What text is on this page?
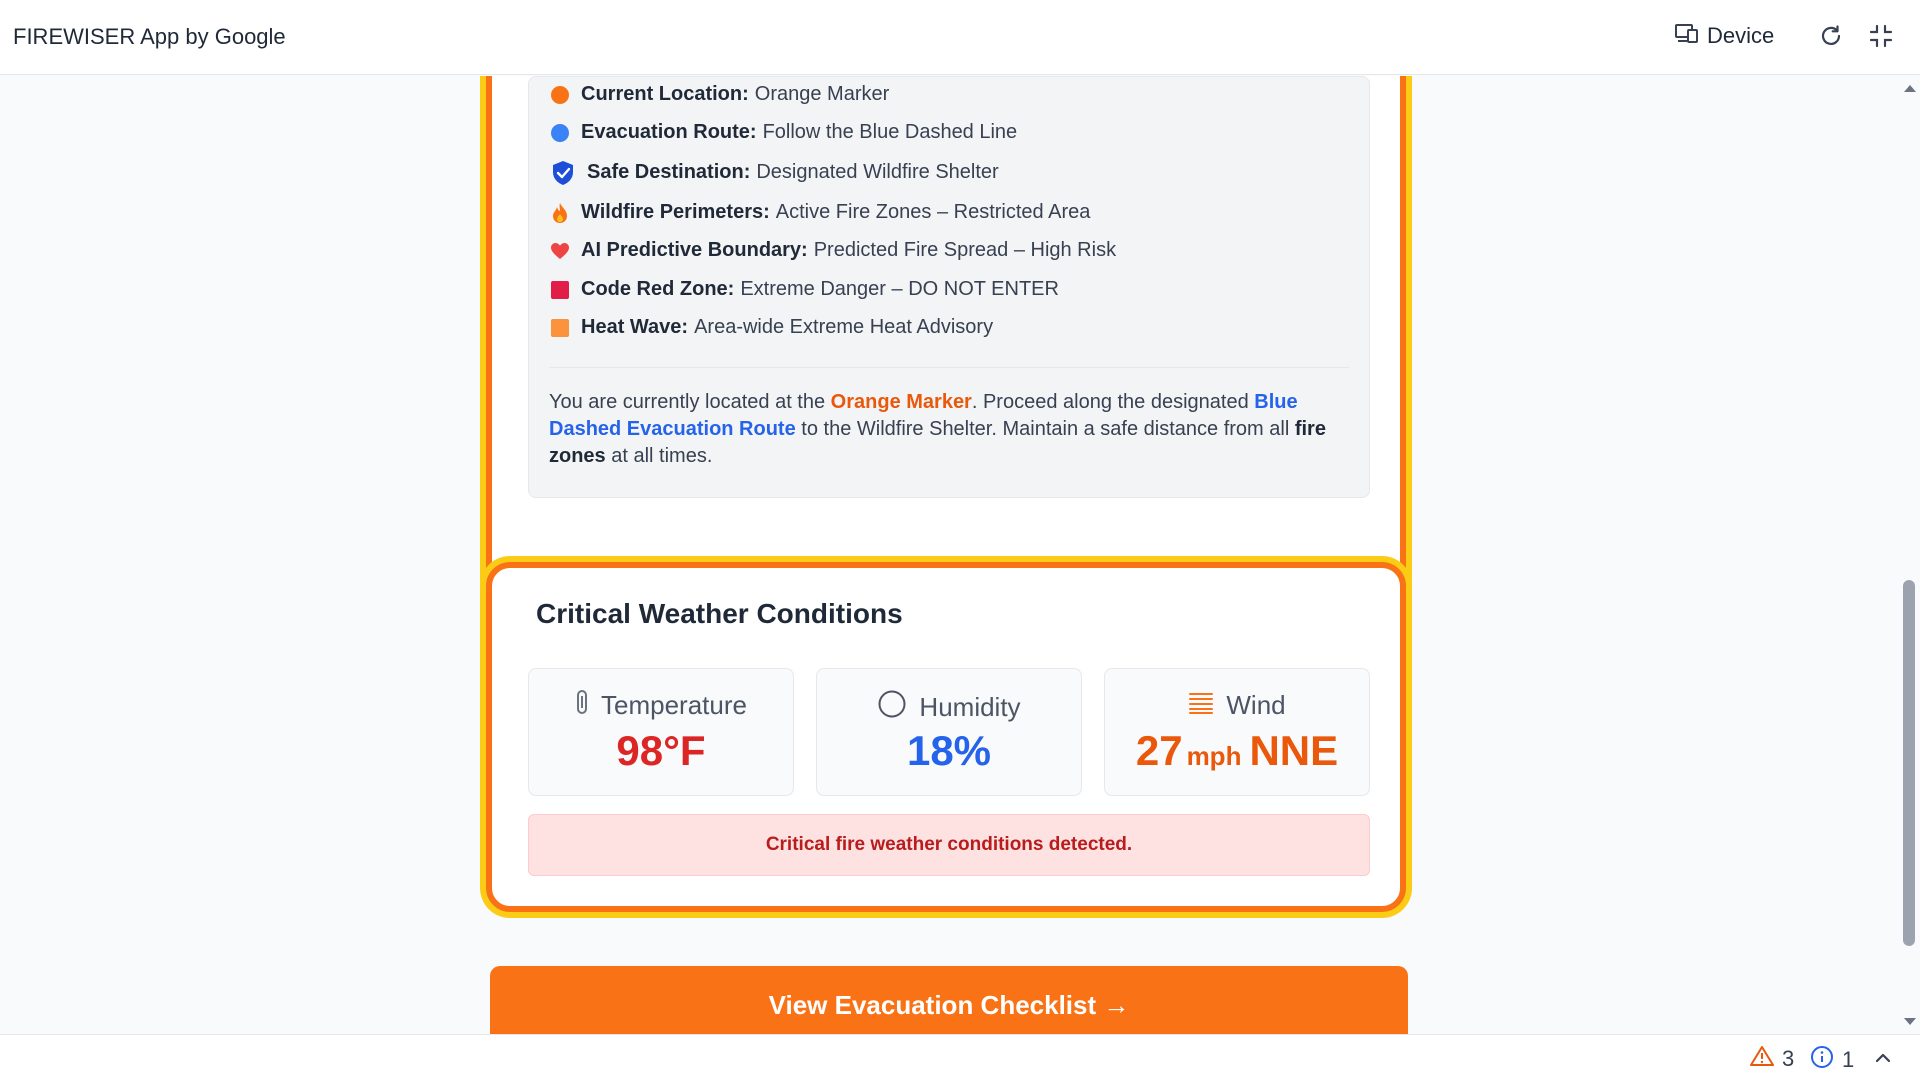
FIREWISER App by Google	Device
Current Location: Orange Marker
Evacuation Route: Follow the Blue Dashed Line
Safe Destination: Designated Wildfire Shelter
Wildfire Perimeters: Active Fire Zones – Restricted Area
AI Predictive Boundary: Predicted Fire Spread – High Risk
Code Red Zone: Extreme Danger – DO NOT ENTER
Heat Wave: Area-wide Extreme Heat Advisory
You are currently located at the Orange Marker. Proceed along the designated Blue Dashed Evacuation Route to the Wildfire Shelter. Maintain a safe distance from all fire zones at all times.
Critical Weather Conditions
Temperature
98°F
Humidity
18%
Wind
27 mph NNE
Critical fire weather conditions detected.
View Evacuation Checklist →
3 1
